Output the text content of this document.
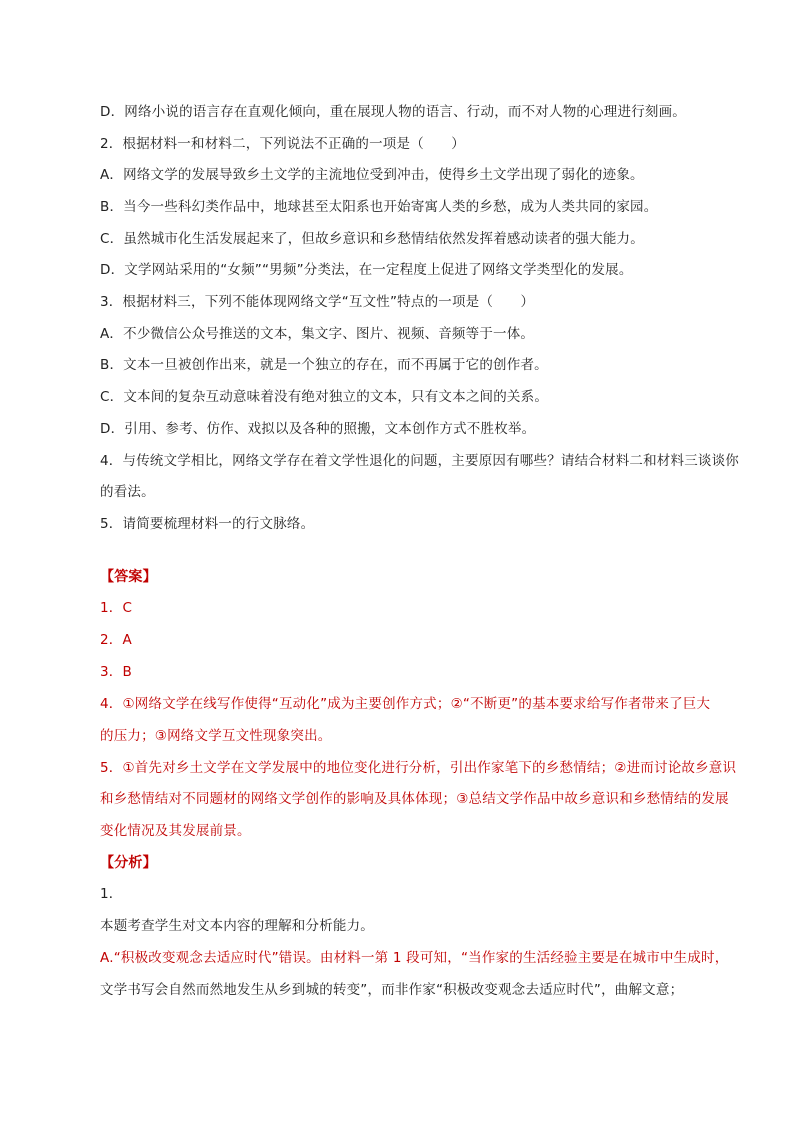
D．网络小说的语言存在直观化倾向，重在展现人物的语言、行动，而不对人物的心理进行刻画。
2．根据材料一和材料二，下列说法不正确的一项是（　　）
A．网络文学的发展导致乡土文学的主流地位受到冲击，使得乡土文学出现了弱化的迹象。
B．当今一些科幻类作品中，地球甚至太阳系也开始寄寓人类的乡愁，成为人类共同的家园。
C．虽然城市化生活发展起来了，但故乡意识和乡愁情结依然发挥着感动读者的强大能力。
D．文学网站采用的“女频”“男频”分类法，在一定程度上促进了网络文学类型化的发展。
3．根据材料三，下列不能体现网络文学“互文性”特点的一项是（　　）
A．不少微信公众号推送的文本，集文字、图片、视频、音频等于一体。
B．文本一旦被创作出来，就是一个独立的存在，而不再属于它的创作者。
C．文本间的复杂互动意味着没有绝对独立的文本，只有文本之间的关系。
D．引用、参考、仿作、戏拟以及各种的照搬，文本创作方式不胜枚举。
4．与传统文学相比，网络文学存在着文学性退化的问题，主要原因有哪些？请结合材料二和材料三谈谈你
的看法。
5．请简要梳理材料一的行文脉络。
【答案】
1．C
2．A
3．B
4．①网络文学在线写作使得“互动化”成为主要创作方式；②“不断更”的基本要求给写作者带来了巨大
的压力；③网络文学互文性现象突出。
5．①首先对乡土文学在文学发展中的地位变化进行分析，引出作家笔下的乡愁情结；②进而讨论故乡意识
和乡愁情结对不同题材的网络文学创作的影响及具体体现；③总结文学作品中故乡意识和乡愁情结的发展
变化情况及其发展前景。
【分析】
1．
本题考查学生对文本内容的理解和分析能力。
A.“积极改变观念去适应时代”错误。由材料一第 1 段可知，“当作家的生活经验主要是在城市中生成时，
文学书写会自然而然地发生从乡到城的转变”，而非作家“积极改变观念去适应时代”，曲解文意；
